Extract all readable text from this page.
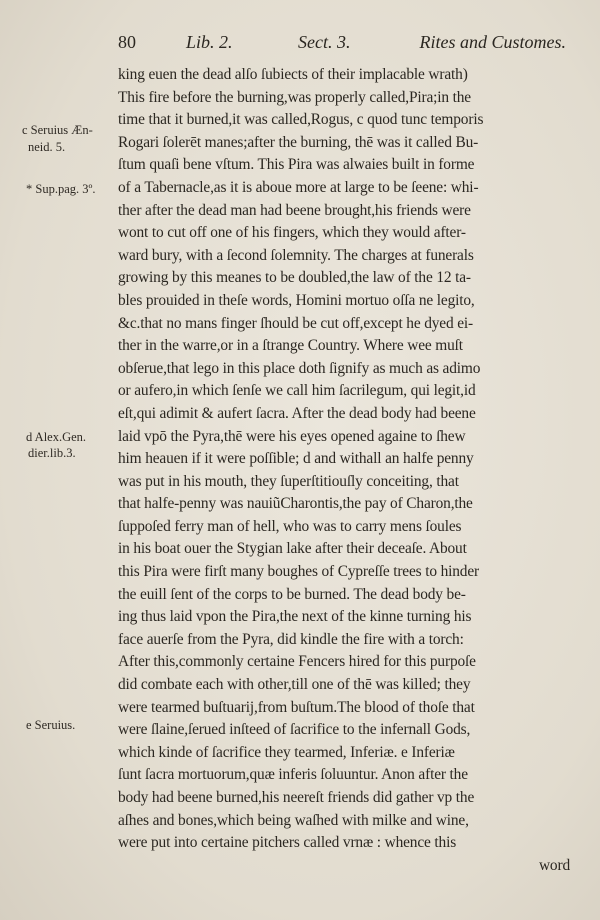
80	Lib. 2.	Sect. 3.	Rites and Customes.
king euen the dead alſo ſubiects of their implacable wrath)
This fire before the burning,was properly called,Pira;in the
time that it burned,it was called,Rogus, c quod tunc temporis
Rogari ſolerēt manes;after the burning, thē was it called Bu-
ſtum quaſi bene vſtum. This Pira was alwaies built in forme
of a Tabernacle,as it is aboue more at large to be ſeene: whi-
ther after the dead man had beene brought,his friends were
wont to cut off one of his fingers, which they would after-
ward bury, with a ſecond ſolemnity. The charges at funerals
growing by this meanes to be doubled,the law of the 12 ta-
bles prouided in theſe words, Homini mortuo oſſa ne legito,
&c.that no mans finger ſhould be cut off,except he dyed ei-
ther in the warre,or in a ſtrange Country. Where wee muſt
obſerue,that lego in this place doth ſignify as much as adimo
or aufero,in which ſenſe we call him ſacrilegum, qui legit,id
eſt,qui adimit & aufert ſacra. After the dead body had beene
laid vpō the Pyra,thē were his eyes opened againe to ſhew
him heauen if it were poſſible; d and withall an halfe penny
was put in his mouth, they ſuperſtitiouſly conceiting, that
that halfe-penny was nauiũCharontis,the pay of Charon,the
ſuppoſed ferry man of hell, who was to carry mens ſoules
in his boat ouer the Stygian lake after their deceaſe. About
this Pira were firſt many boughes of Cypreſſe trees to hinder
the euill ſent of the corps to be burned. The dead body be-
ing thus laid vpon the Pira,the next of the kinne turning his
face auerſe from the Pyra, did kindle the fire with a torch:
After this,commonly certaine Fencers hired for this purpoſe
did combate each with other,till one of thē was killed; they
were tearmed buſtuarij,from buſtum.The blood of thoſe that
were ſlaine,ſerued inſteed of ſacrifice to the infernall Gods,
which kinde of ſacrifice they tearmed, Inferiæ. e Inferiæ
ſunt ſacra mortuorum,quæ inferis ſoluuntur. Anon after the
body had beene burned,his neereſt friends did gather vp the
aſhes and bones,which being waſhed with milke and wine,
were put into certaine pitchers called vrnæ : whence this
word
c Seruius Æn-
neid. 5.
* Sup.pag. 3º.
d Alex.Gen.
dier.lib.3.
e Seruius.
